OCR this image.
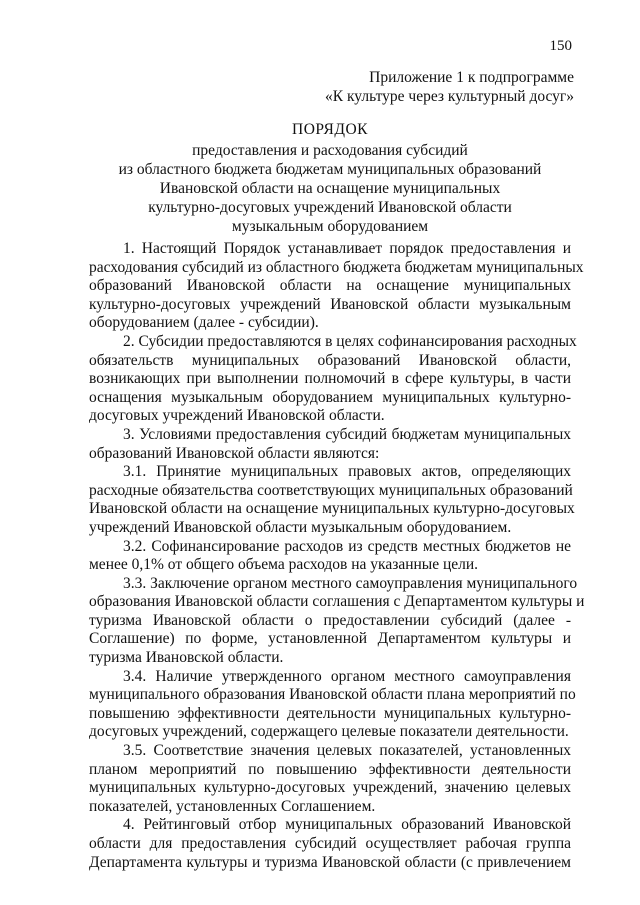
150
Приложение 1 к подпрограмме
«К культуре через культурный досуг»
ПОРЯДОК
предоставления и расходования субсидий
из областного бюджета бюджетам муниципальных образований
Ивановской области на оснащение муниципальных
культурно-досуговых учреждений Ивановской области
музыкальным оборудованием

1. Настоящий Порядок устанавливает порядок предоставления и
расходования субсидий из областного бюджета бюджетам муниципальных
образований Ивановской области на оснащение муниципальных
культурно-досуговых учреждений Ивановской области музыкальным
оборудованием (далее - субсидии).

2. Субсидии предоставляются в целях софинансирования расходных
обязательств муниципальных образований Ивановской области,
возникающих при выполнении полномочий в сфере культуры, в части
оснащения музыкальным оборудованием муниципальных культурно-
досуговых учреждений Ивановской области.

3. Условиями предоставления субсидий бюджетам муниципальных
образований Ивановской области являются:

3.1. Принятие муниципальных правовых актов, определяющих
расходные обязательства соответствующих муниципальных образований
Ивановской области на оснащение муниципальных культурно-досуговых
учреждений Ивановской области музыкальным оборудованием.

3.2. Софинансирование расходов из средств местных бюджетов не
менее 0,1% от общего объема расходов на указанные цели.

3.3. Заключение органом местного самоуправления муниципального
образования Ивановской области соглашения с Департаментом культуры и
туризма Ивановской области о предоставлении субсидий (далее -
Соглашение) по форме, установленной Департаментом культуры и
туризма Ивановской области.

3.4. Наличие утвержденного органом местного самоуправления
муниципального образования Ивановской области плана мероприятий по
повышению эффективности деятельности муниципальных культурно-
досуговых учреждений, содержащего целевые показатели деятельности.

3.5. Соответствие значения целевых показателей, установленных
планом мероприятий по повышению эффективности деятельности
муниципальных культурно-досуговых учреждений, значению целевых
показателей, установленных Соглашением.

4. Рейтинговый отбор муниципальных образований Ивановской
области для предоставления субсидий осуществляет рабочая группа
Департамента культуры и туризма Ивановской области (с привлечением
